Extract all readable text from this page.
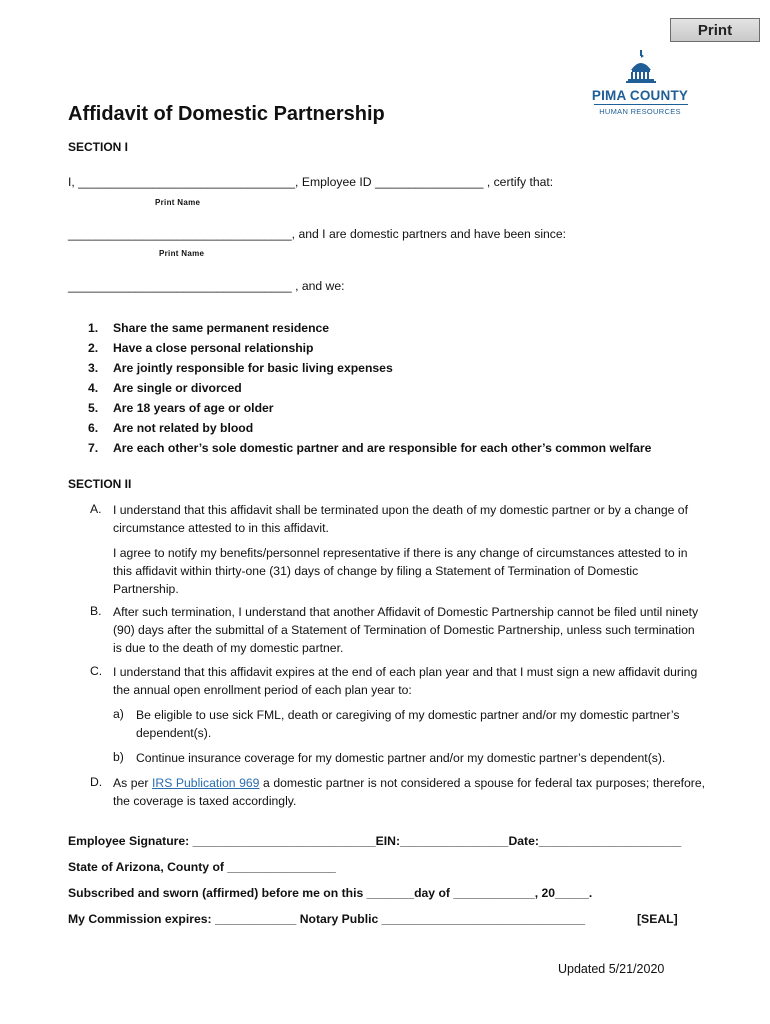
Print
PIMA COUNTY
HUMAN RESOURCES
Affidavit of Domestic Partnership
SECTION I
I, ________________________________, Employee ID ________________ , certify that:
Print Name
_________________________________, and I are domestic partners and have been since:
Print Name
_________________________________ , and we:
1. Share the same permanent residence
2. Have a close personal relationship
3. Are jointly responsible for basic living expenses
4. Are single or divorced
5. Are 18 years of age or older
6. Are not related by blood
7. Are each other’s sole domestic partner and are responsible for each other’s common welfare
SECTION II
A. I understand that this affidavit shall be terminated upon the death of my domestic partner or by a change of circumstance attested to in this affidavit.
I agree to notify my benefits/personnel representative if there is any change of circumstances attested to in this affidavit within thirty-one (31) days of change by filing a Statement of Termination of Domestic Partnership.
B. After such termination, I understand that another Affidavit of Domestic Partnership cannot be filed until ninety (90) days after the submittal of a Statement of Termination of Domestic Partnership, unless such termination is due to the death of my domestic partner.
C. I understand that this affidavit expires at the end of each plan year and that I must sign a new affidavit during the annual open enrollment period of each plan year to:
a) Be eligible to use sick FML, death or caregiving of my domestic partner and/or my domestic partner’s dependent(s).
b) Continue insurance coverage for my domestic partner and/or my domestic partner’s dependent(s).
D. As per IRS Publication 969 a domestic partner is not considered a spouse for federal tax purposes; therefore, the coverage is taxed accordingly.
Employee Signature: ___________________________EIN:________________Date:_____________________
State of Arizona, County of ________________
Subscribed and sworn (affirmed) before me on this _______day of ____________, 20_____.
My Commission expires: ____________ Notary Public ______________________________	[SEAL]
Updated 5/21/2020
